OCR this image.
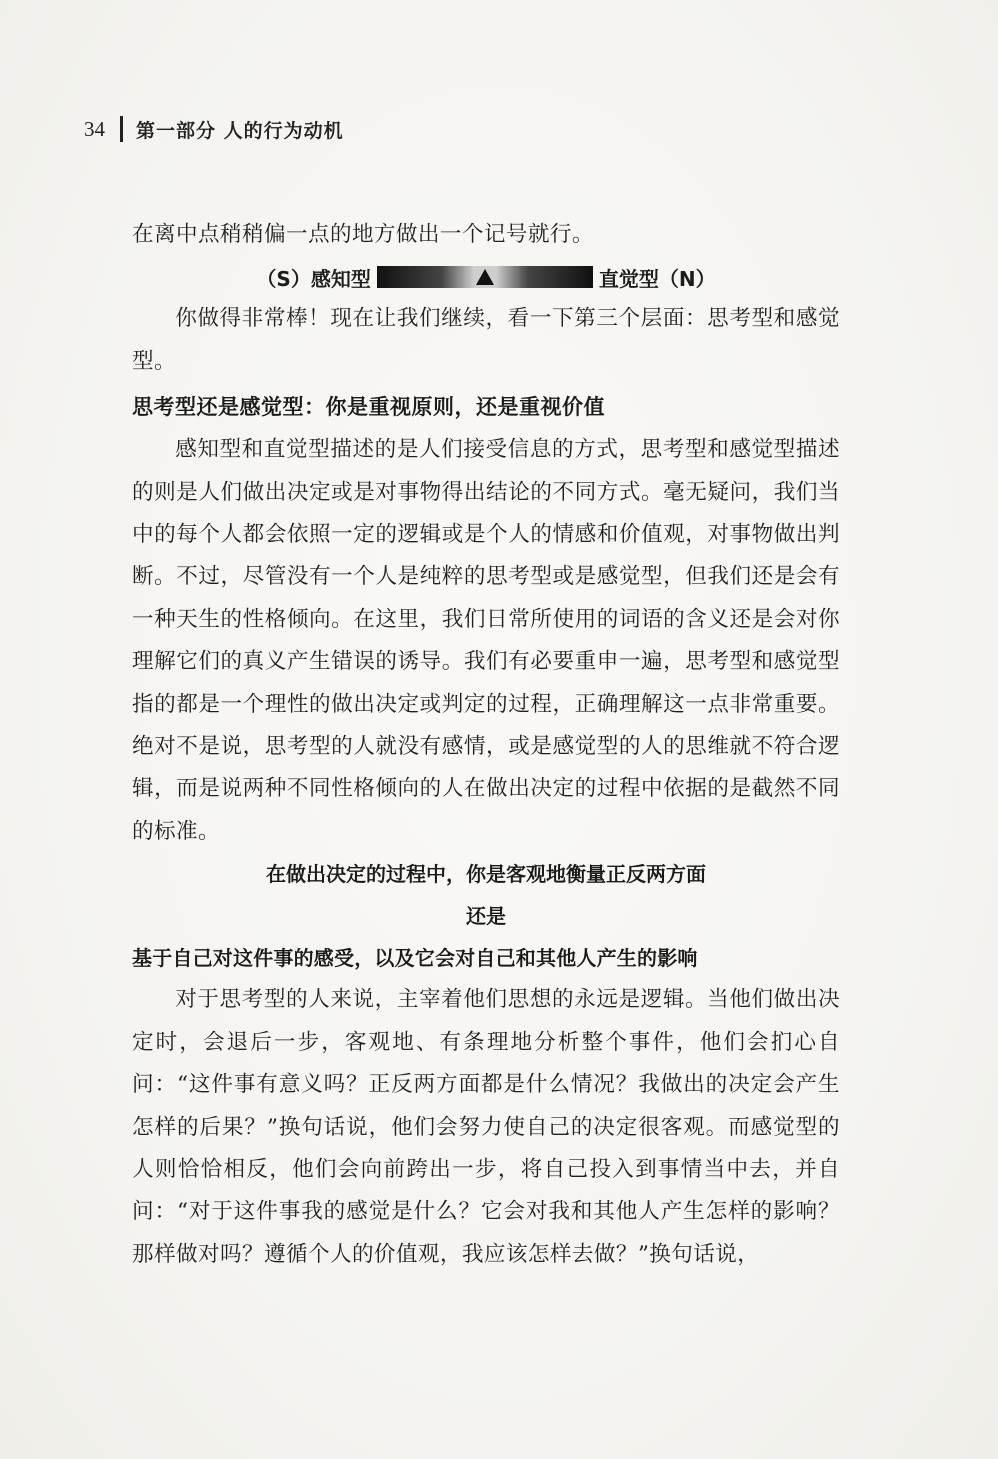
34 第一部分 人的行为动机

在离中点稍稍偏一点的地方做出一个记号就行。

（S）感知型	直觉型（N）

你做得非常棒！现在让我们继续，看一下第三个层面：思考型和感觉型。

思考型还是感觉型：你是重视原则，还是重视价值

感知型和直觉型描述的是人们接受信息的方式，思考型和感觉型描述的则是人们做出决定或是对事物得出结论的不同方式。毫无疑问，我们当中的每个人都会依照一定的逻辑或是个人的情感和价值观，对事物做出判断。不过，尽管没有一个人是纯粹的思考型或是感觉型，但我们还是会有一种天生的性格倾向。在这里，我们日常所使用的词语的含义还是会对你理解它们的真义产生错误的诱导。我们有必要重申一遍，思考型和感觉型指的都是一个理性的做出决定或判定的过程，正确理解这一点非常重要。绝对不是说，思考型的人就没有感情，或是感觉型的人的思维就不符合逻辑，而是说两种不同性格倾向的人在做出决定的过程中依据的是截然不同的标准。

在做出决定的过程中，你是客观地衡量正反两方面
还是
基于自己对这件事的感受，以及它会对自己和其他人产生的影响

对于思考型的人来说，主宰着他们思想的永远是逻辑。当他们做出决定时，会退后一步，客观地、有条理地分析整个事件，他们会扪心自问：“这件事有意义吗？正反两方面都是什么情况？我做出的决定会产生怎样的后果？”换句话说，他们会努力使自己的决定很客观。而感觉型的人则恰恰相反，他们会向前跨出一步，将自己投入到事情当中去，并自问：“对于这件事我的感觉是什么？它会对我和其他人产生怎样的影响？那样做对吗？遵循个人的价值观，我应该怎样去做？”换句话说，
